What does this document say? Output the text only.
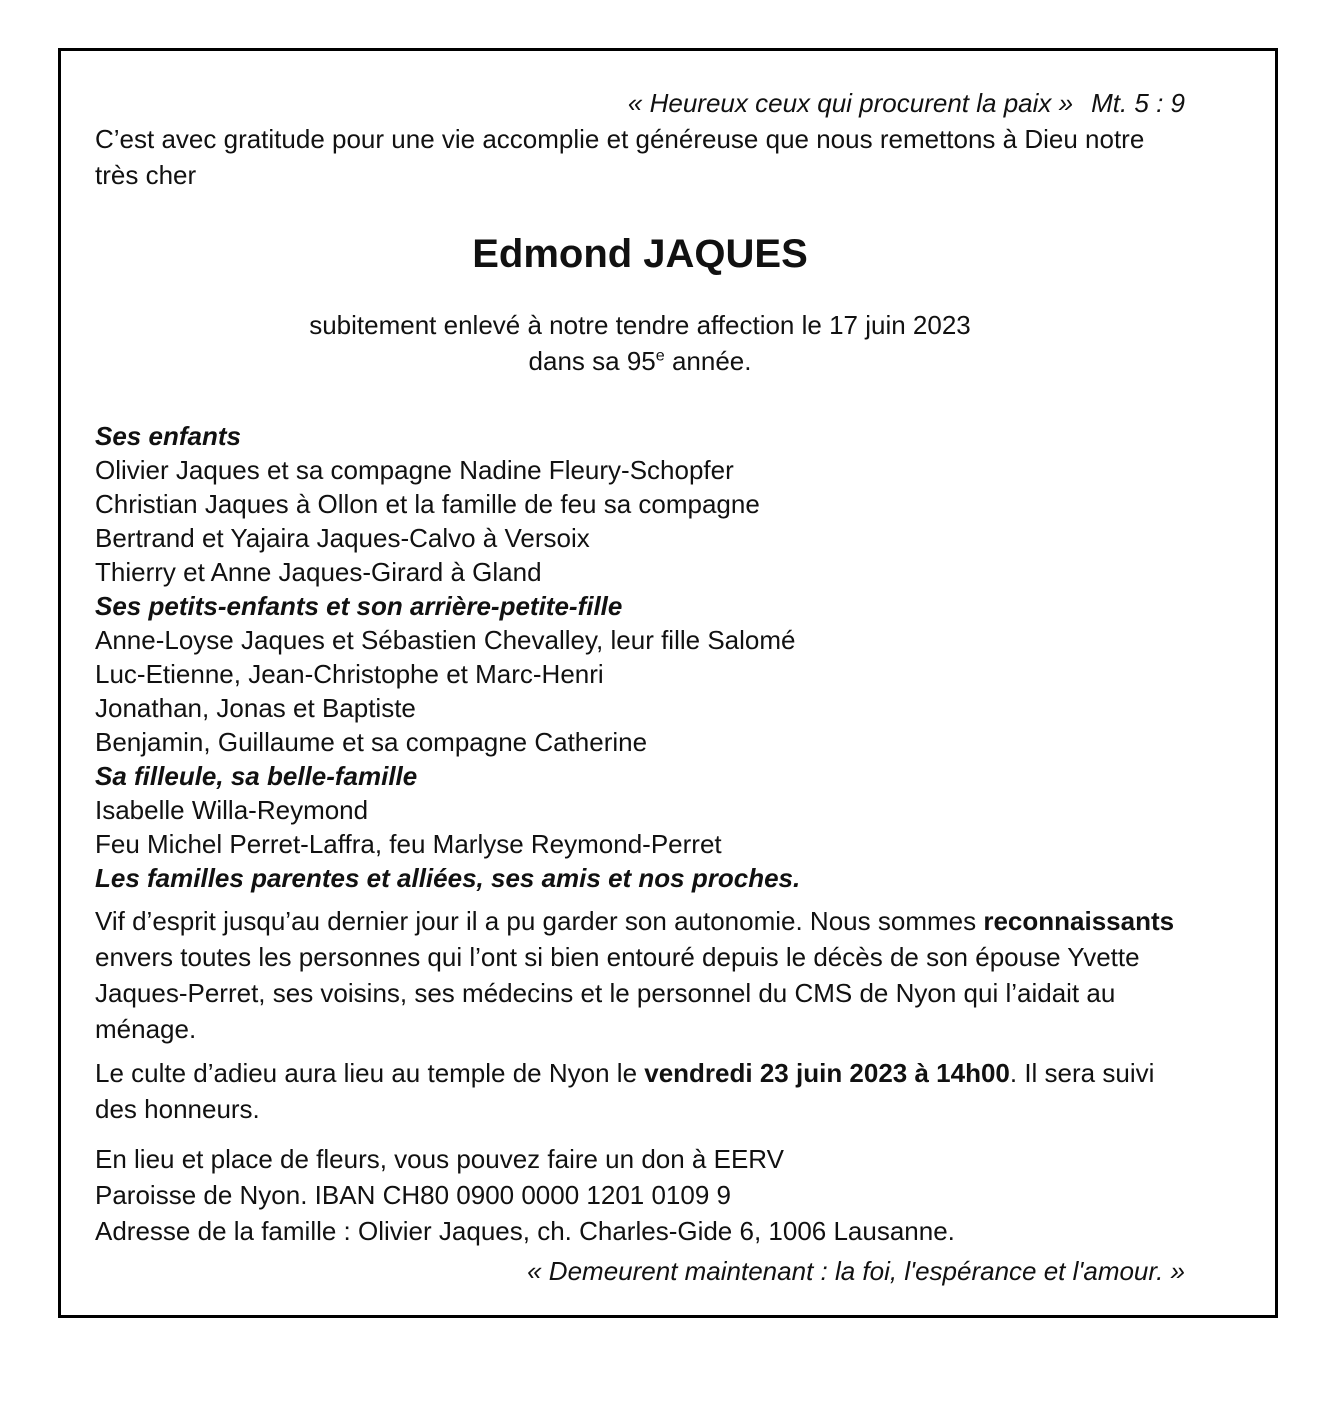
« Heureux ceux qui procurent la paix » Mt. 5 : 9
C’est avec gratitude pour une vie accomplie et généreuse que nous remettons à Dieu notre
très cher
Edmond JAQUES
subitement enlevé à notre tendre affection le 17 juin 2023
dans sa 95e année.
Ses enfants
Olivier Jaques et sa compagne Nadine Fleury-Schopfer
Christian Jaques à Ollon et la famille de feu sa compagne
Bertrand et Yajaira Jaques-Calvo à Versoix
Thierry et Anne Jaques-Girard à Gland
Ses petits-enfants et son arrière-petite-fille
Anne-Loyse Jaques et Sébastien Chevalley, leur fille Salomé
Luc-Etienne, Jean-Christophe et Marc-Henri
Jonathan, Jonas et Baptiste
Benjamin, Guillaume et sa compagne Catherine
Sa filleule, sa belle-famille
Isabelle Willa-Reymond
Feu Michel Perret-Laffra, feu Marlyse Reymond-Perret
Les familles parentes et alliées, ses amis et nos proches.

Vif d’esprit jusqu’au dernier jour il a pu garder son autonomie. Nous sommes reconnaissants
envers toutes les personnes qui l’ont si bien entouré depuis le décès de son épouse Yvette
Jaques-Perret, ses voisins, ses médecins et le personnel du CMS de Nyon qui l’aidait au
ménage.

Le culte d’adieu aura lieu au temple de Nyon le vendredi 23 juin 2023 à 14h00. Il sera suivi
des honneurs.

En lieu et place de fleurs, vous pouvez faire un don à EERV
Paroisse de Nyon. IBAN CH80 0900 0000 1201 0109 9
Adresse de la famille : Olivier Jaques, ch. Charles-Gide 6, 1006 Lausanne.

« Demeurent maintenant : la foi, l'espérance et l'amour. »
